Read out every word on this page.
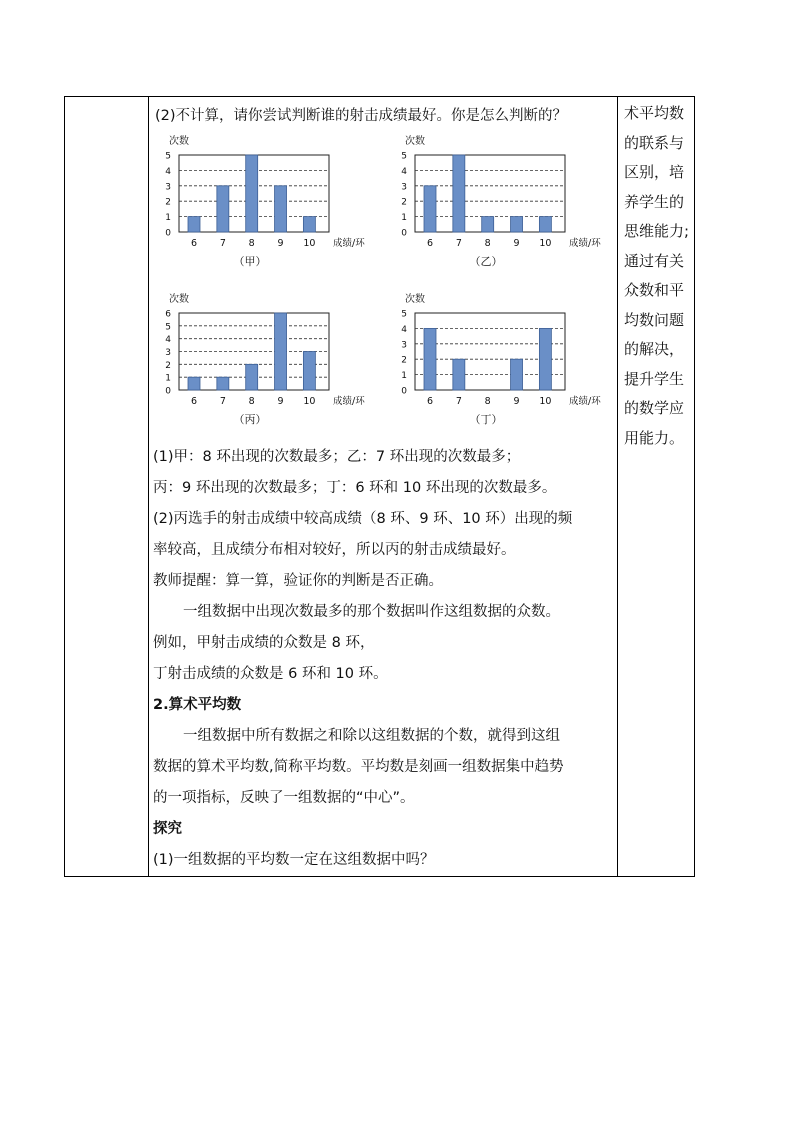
(2)不计算，请你尝试判断谁的射击成绩最好。你是怎么判断的？
0
1
2
3
4
5
次数
6 7 8 9 10 成绩/环
（甲）
0
1
2
3
4
5
次数
6 7 8 9 10 成绩/环
（乙）
0
1
2
3
4
5
6
次数
6 7 8 9 10 成绩/环
（丙）
0
1
2
3
4
5
次数
6 7 8 9 10 成绩/环
（丁）
(1)甲：8 环出现的次数最多；乙：7 环出现的次数最多；
丙：9 环出现的次数最多；丁：6 环和 10 环出现的次数最多。
(2)丙选手的射击成绩中较高成绩（8 环、9 环、10 环）出现的频
率较高，且成绩分布相对较好，所以丙的射击成绩最好。
教师提醒：算一算，验证你的判断是否正确。
一组数据中出现次数最多的那个数据叫作这组数据的众数。
例如，甲射击成绩的众数是 8 环，
丁射击成绩的众数是 6 环和 10 环。
2.算术平均数
一组数据中所有数据之和除以这组数据的个数，就得到这组
数据的算术平均数,简称平均数。平均数是刻画一组数据集中趋势
的一项指标，反映了一组数据的“中心”。
探究
(1)一组数据的平均数一定在这组数据中吗？

术平均数

的联系与

区别，培

养学生的

思维能力;

通过有关

众数和平

均数问题

的解决，

提升学生

的数学应

用能力。
